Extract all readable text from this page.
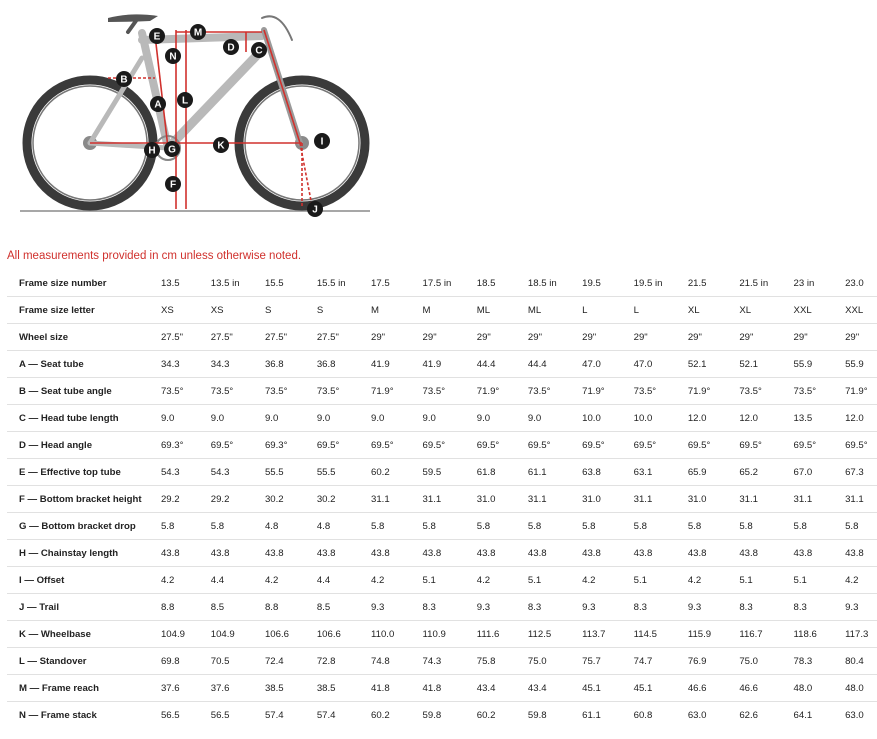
A
B
C
D
E
F
G
H
I
J
K
L
M
N
All measurements provided in cm unless otherwise noted.
Frame size number	13.5	13.5 in	15.5	15.5 in	17.5	17.5 in	18.5	18.5 in	19.5	19.5 in	21.5	21.5 in	23 in	23.0
Frame size letter	XS	XS	S	S	M	M	ML	ML	L	L	XL	XL	XXL	XXL
Wheel size	27.5"	27.5"	27.5"	27.5"	29"	29"	29"	29"	29"	29"	29"	29"	29"	29"
A — Seat tube	34.3	34.3	36.8	36.8	41.9	41.9	44.4	44.4	47.0	47.0	52.1	52.1	55.9	55.9
B — Seat tube angle	73.5°	73.5°	73.5°	73.5°	71.9°	73.5°	71.9°	73.5°	71.9°	73.5°	71.9°	73.5°	73.5°	71.9°
C — Head tube length	9.0	9.0	9.0	9.0	9.0	9.0	9.0	9.0	10.0	10.0	12.0	12.0	13.5	12.0
D — Head angle	69.3°	69.5°	69.3°	69.5°	69.5°	69.5°	69.5°	69.5°	69.5°	69.5°	69.5°	69.5°	69.5°	69.5°
E — Effective top tube	54.3	54.3	55.5	55.5	60.2	59.5	61.8	61.1	63.8	63.1	65.9	65.2	67.0	67.3
F — Bottom bracket height	29.2	29.2	30.2	30.2	31.1	31.1	31.0	31.1	31.0	31.1	31.0	31.1	31.1	31.1
G — Bottom bracket drop	5.8	5.8	4.8	4.8	5.8	5.8	5.8	5.8	5.8	5.8	5.8	5.8	5.8	5.8
H — Chainstay length	43.8	43.8	43.8	43.8	43.8	43.8	43.8	43.8	43.8	43.8	43.8	43.8	43.8	43.8
I — Offset	4.2	4.4	4.2	4.4	4.2	5.1	4.2	5.1	4.2	5.1	4.2	5.1	5.1	4.2
J — Trail	8.8	8.5	8.8	8.5	9.3	8.3	9.3	8.3	9.3	8.3	9.3	8.3	8.3	9.3
K — Wheelbase	104.9	104.9	106.6	106.6	110.0	110.9	111.6	112.5	113.7	114.5	115.9	116.7	118.6	117.3
L — Standover	69.8	70.5	72.4	72.8	74.8	74.3	75.8	75.0	75.7	74.7	76.9	75.0	78.3	80.4
M — Frame reach	37.6	37.6	38.5	38.5	41.8	41.8	43.4	43.4	45.1	45.1	46.6	46.6	48.0	48.0
N — Frame stack	56.5	56.5	57.4	57.4	60.2	59.8	60.2	59.8	61.1	60.8	63.0	62.6	64.1	63.0
